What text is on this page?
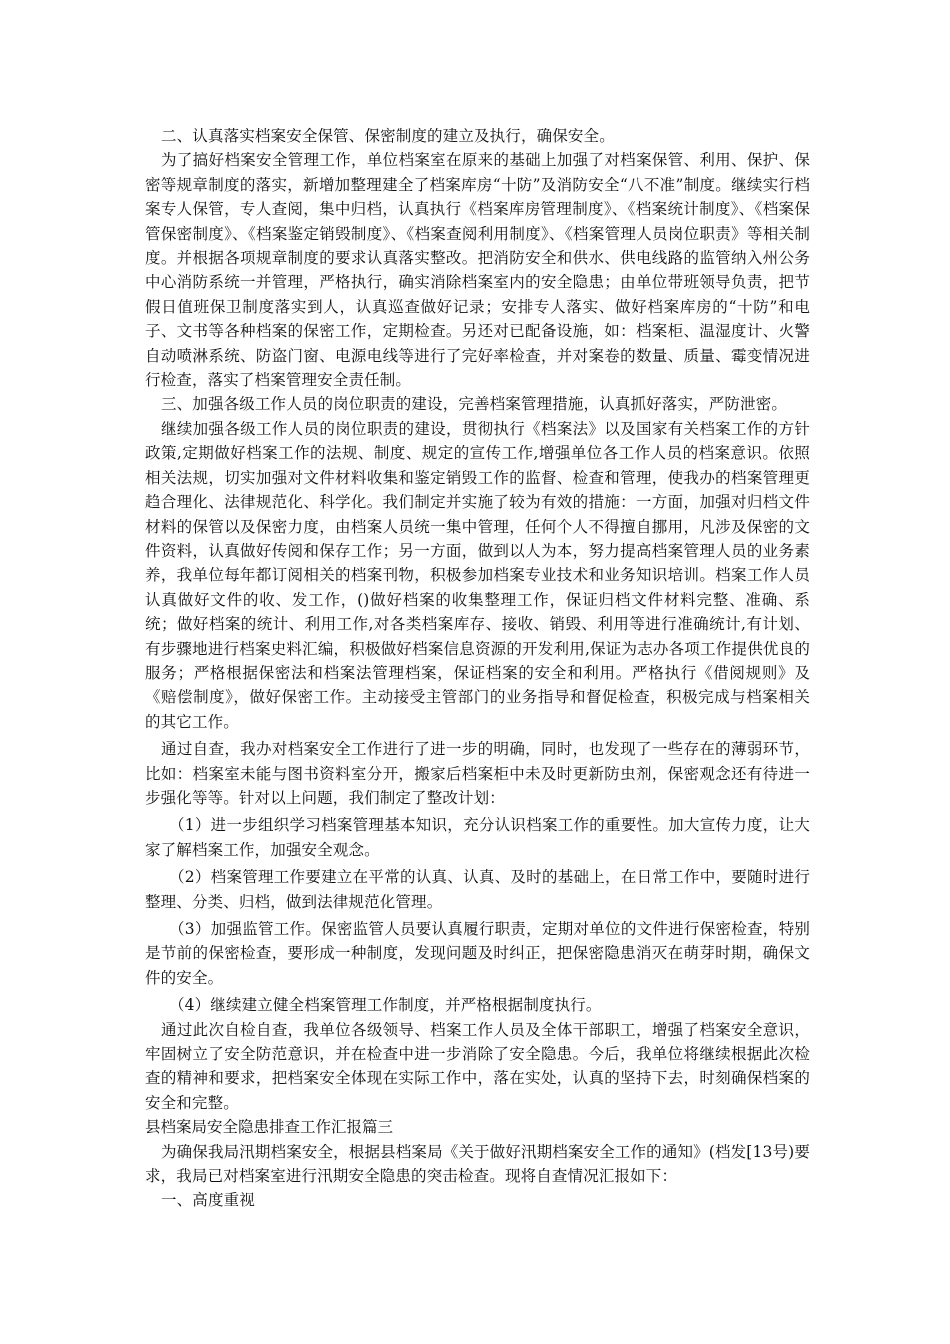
二、认真落实档案安全保管、保密制度的建立及执行，确保安全。

为了搞好档案安全管理工作，单位档案室在原来的基础上加强了对档案保管、利用、保护、保密等规章制度的落实，新增加整理建全了档案库房“十防”及消防安全“八不准”制度。继续实行档案专人保管，专人查阅，集中归档，认真执行《档案库房管理制度》、《档案统计制度》、《档案保管保密制度》、《档案鉴定销毁制度》、《档案查阅利用制度》、《档案管理人员岗位职责》等相关制度。并根据各项规章制度的要求认真落实整改。把消防安全和供水、供电线路的监管纳入州公务中心消防系统一并管理，严格执行，确实消除档案室内的安全隐患；由单位带班领导负责，把节假日值班保卫制度落实到人，认真巡查做好记录；安排专人落实、做好档案库房的“十防”和电子、文书等各种档案的保密工作，定期检查。另还对已配备设施，如：档案柜、温湿度计、火警自动喷淋系统、防盗门窗、电源电线等进行了完好率检查，并对案卷的数量、质量、霉变情况进行检查，落实了档案管理安全责任制。

三、加强各级工作人员的岗位职责的建设，完善档案管理措施，认真抓好落实，严防泄密。

继续加强各级工作人员的岗位职责的建设，贯彻执行《档案法》以及国家有关档案工作的方针政策,定期做好档案工作的法规、制度、规定的宣传工作,增强单位各工作人员的档案意识。依照相关法规，切实加强对文件材料收集和鉴定销毁工作的监督、检查和管理，使我办的档案管理更趋合理化、法律规范化、科学化。我们制定并实施了较为有效的措施：一方面，加强对归档文件材料的保管以及保密力度，由档案人员统一集中管理，任何个人不得擅自挪用，凡涉及保密的文件资料，认真做好传阅和保存工作；另一方面，做到以人为本，努力提高档案管理人员的业务素养，我单位每年都订阅相关的档案刊物，积极参加档案专业技术和业务知识培训。档案工作人员认真做好文件的收、发工作，()做好档案的收集整理工作，保证归档文件材料完整、准确、系统；做好档案的统计、利用工作,对各类档案库存、接收、销毁、利用等进行准确统计,有计划、有步骤地进行档案史料汇编，积极做好档案信息资源的开发利用,保证为志办各项工作提供优良的服务；严格根据保密法和档案法管理档案，保证档案的安全和利用。严格执行《借阅规则》及《赔偿制度》，做好保密工作。主动接受主管部门的业务指导和督促检查，积极完成与档案相关的其它工作。

通过自查，我办对档案安全工作进行了进一步的明确，同时，也发现了一些存在的薄弱环节，比如：档案室未能与图书资料室分开，搬家后档案柜中未及时更新防虫剂，保密观念还有待进一步强化等等。针对以上问题，我们制定了整改计划：

（1）进一步组织学习档案管理基本知识，充分认识档案工作的重要性。加大宣传力度，让大家了解档案工作，加强安全观念。

（2）档案管理工作要建立在平常的认真、认真、及时的基础上，在日常工作中，要随时进行整理、分类、归档，做到法律规范化管理。

（3）加强监管工作。保密监管人员要认真履行职责，定期对单位的文件进行保密检查，特别是节前的保密检查，要形成一种制度，发现问题及时纠正，把保密隐患消灭在萌芽时期，确保文件的安全。

（4）继续建立健全档案管理工作制度，并严格根据制度执行。

通过此次自检自查，我单位各级领导、档案工作人员及全体干部职工，增强了档案安全意识，牢固树立了安全防范意识，并在检查中进一步消除了安全隐患。今后，我单位将继续根据此次检查的精神和要求，把档案安全体现在实际工作中，落在实处，认真的坚持下去，时刻确保档案的安全和完整。

县档案局安全隐患排查工作汇报篇三

为确保我局汛期档案安全，根据县档案局《关于做好汛期档案安全工作的通知》(档发[13号)要求，我局已对档案室进行汛期安全隐患的突击检查。现将自查情况汇报如下：

一、高度重视
